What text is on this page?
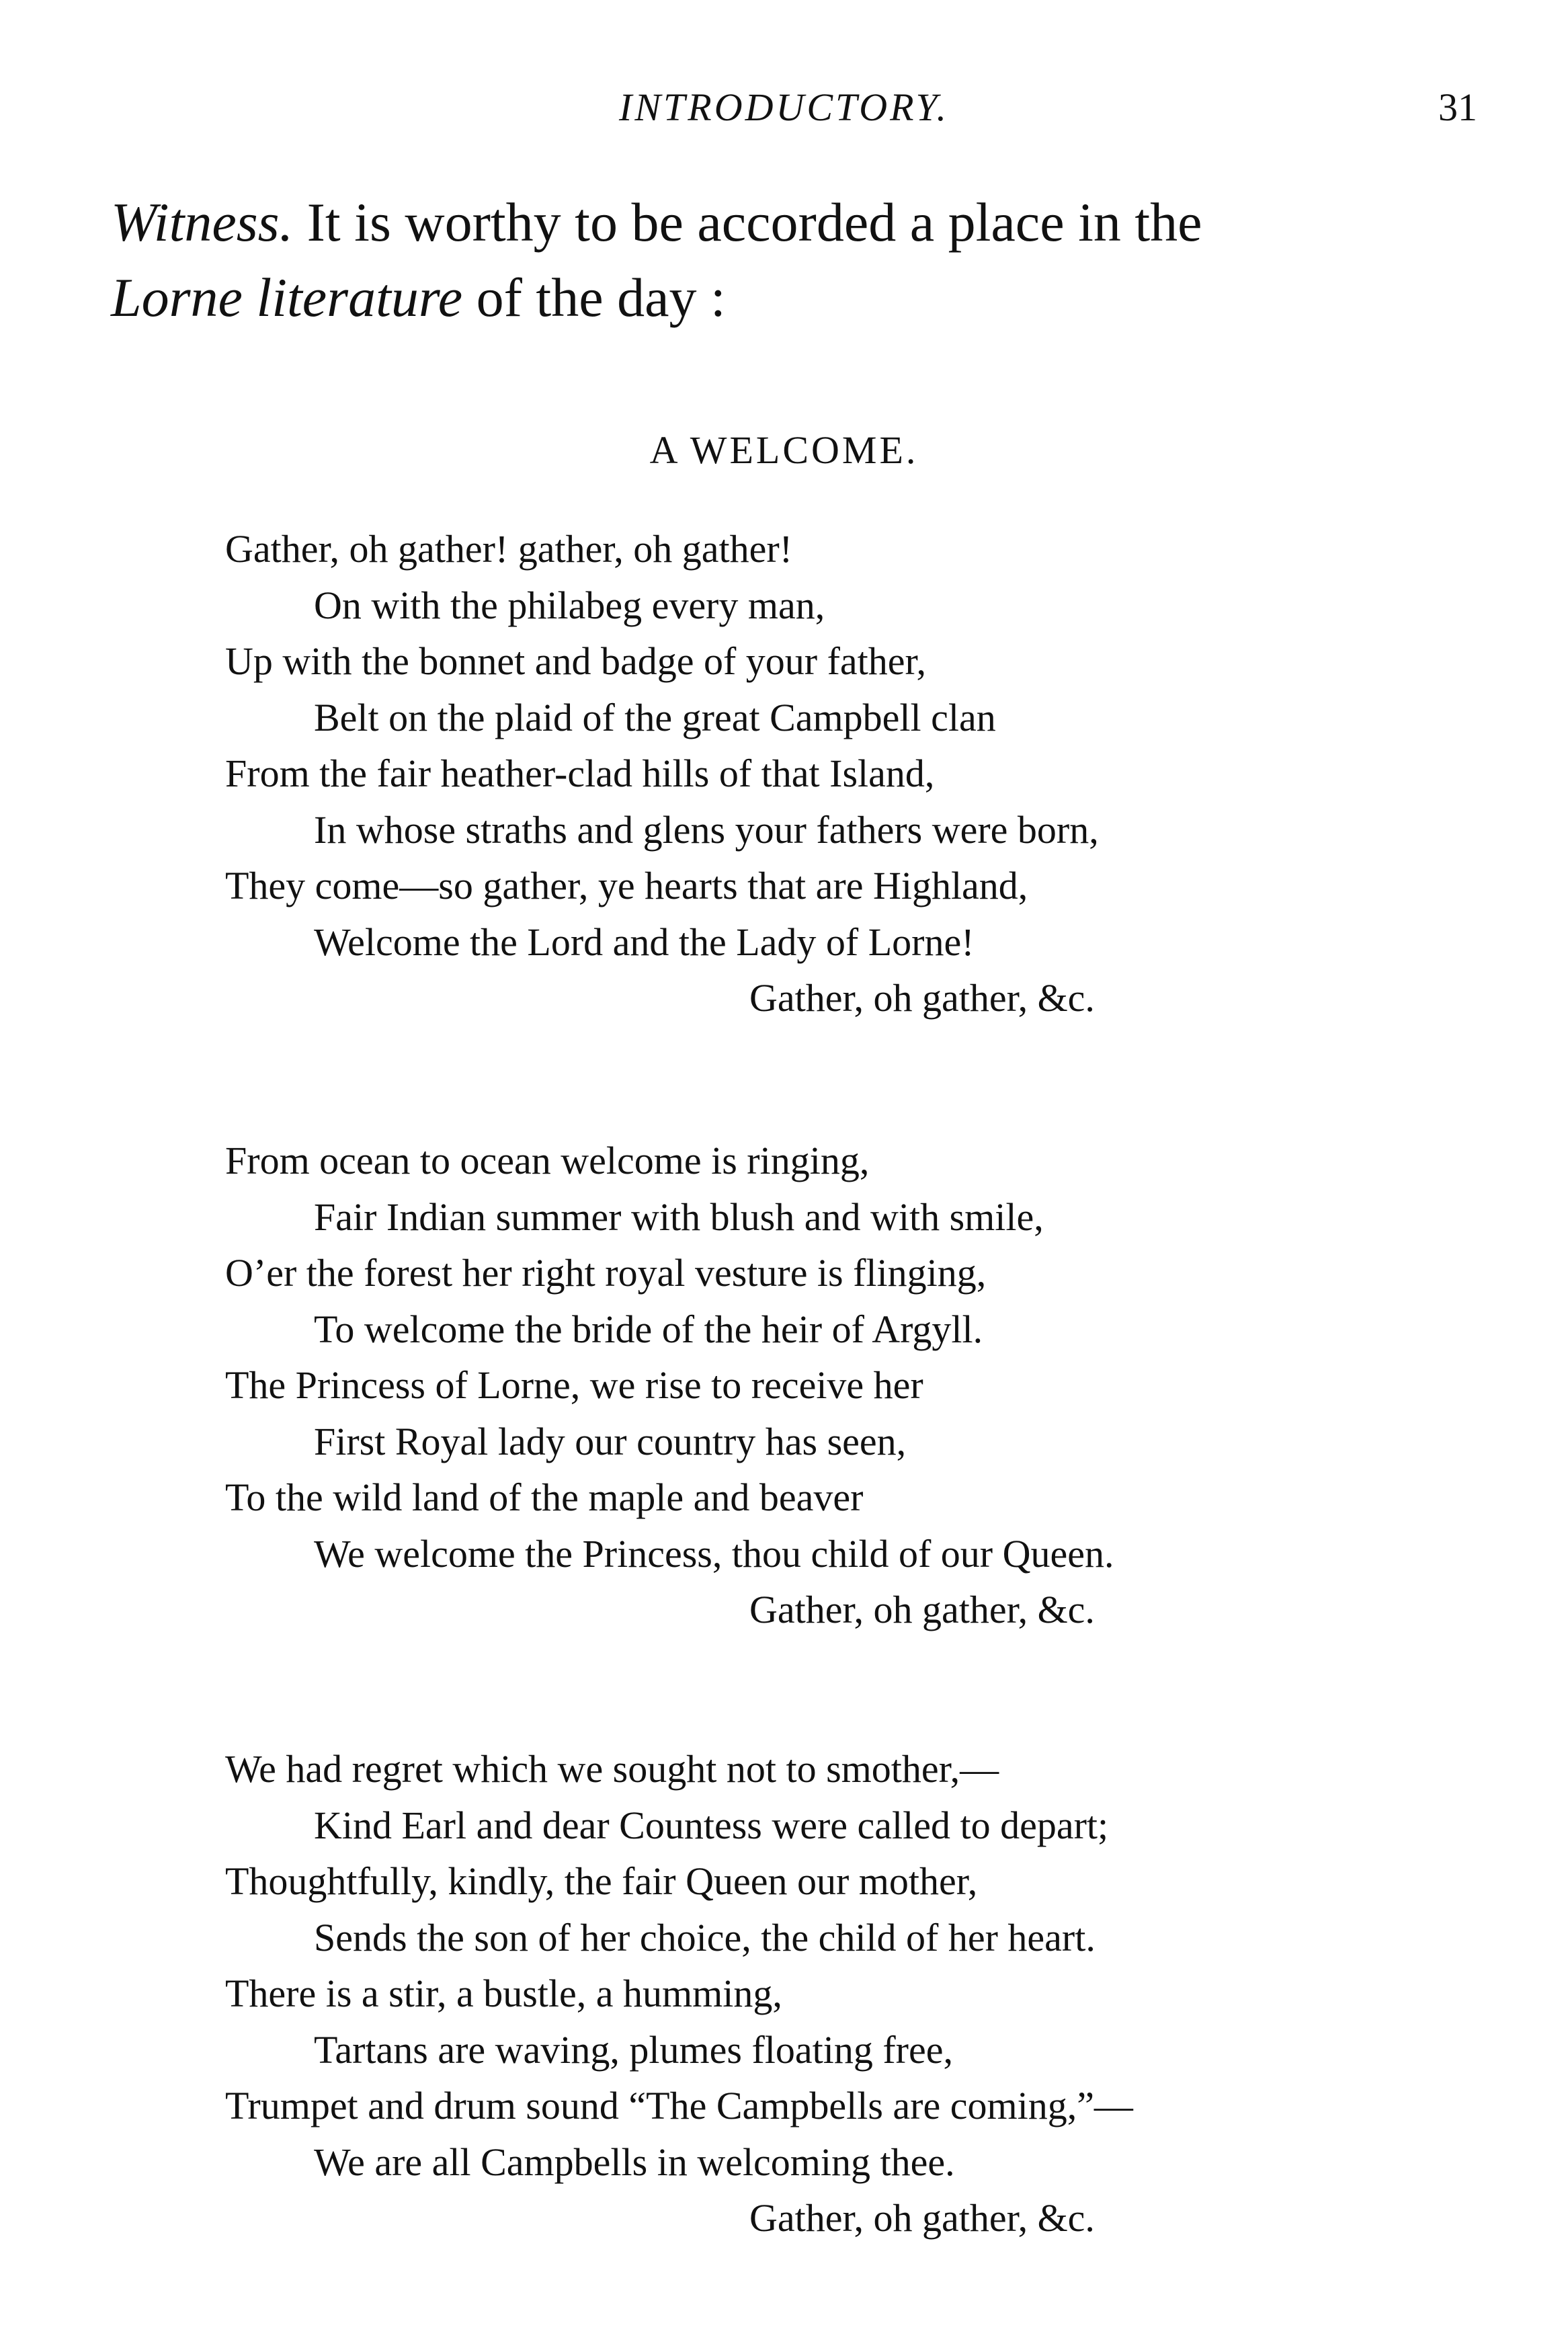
INTRODUCTORY.	31
Witness. It is worthy to be accorded a place in the
Lorne literature of the day :
A WELCOME.
Gather, oh gather! gather, oh gather!
On with the philabeg every man,
Up with the bonnet and badge of your father,
Belt on the plaid of the great Campbell clan
From the fair heather-clad hills of that Island,
In whose straths and glens your fathers were born,
They come—so gather, ye hearts that are Highland,
Welcome the Lord and the Lady of Lorne!
Gather, oh gather, &c.
From ocean to ocean welcome is ringing,
Fair Indian summer with blush and with smile,
O’er the forest her right royal vesture is flinging,
To welcome the bride of the heir of Argyll.
The Princess of Lorne, we rise to receive her
First Royal lady our country has seen,
To the wild land of the maple and beaver
We welcome the Princess, thou child of our Queen.
Gather, oh gather, &c.
We had regret which we sought not to smother,—
Kind Earl and dear Countess were called to depart;
Thoughtfully, kindly, the fair Queen our mother,
Sends the son of her choice, the child of her heart.
There is a stir, a bustle, a humming,
Tartans are waving, plumes floating free,
Trumpet and drum sound “The Campbells are coming,”—
We are all Campbells in welcoming thee.
Gather, oh gather, &c.
